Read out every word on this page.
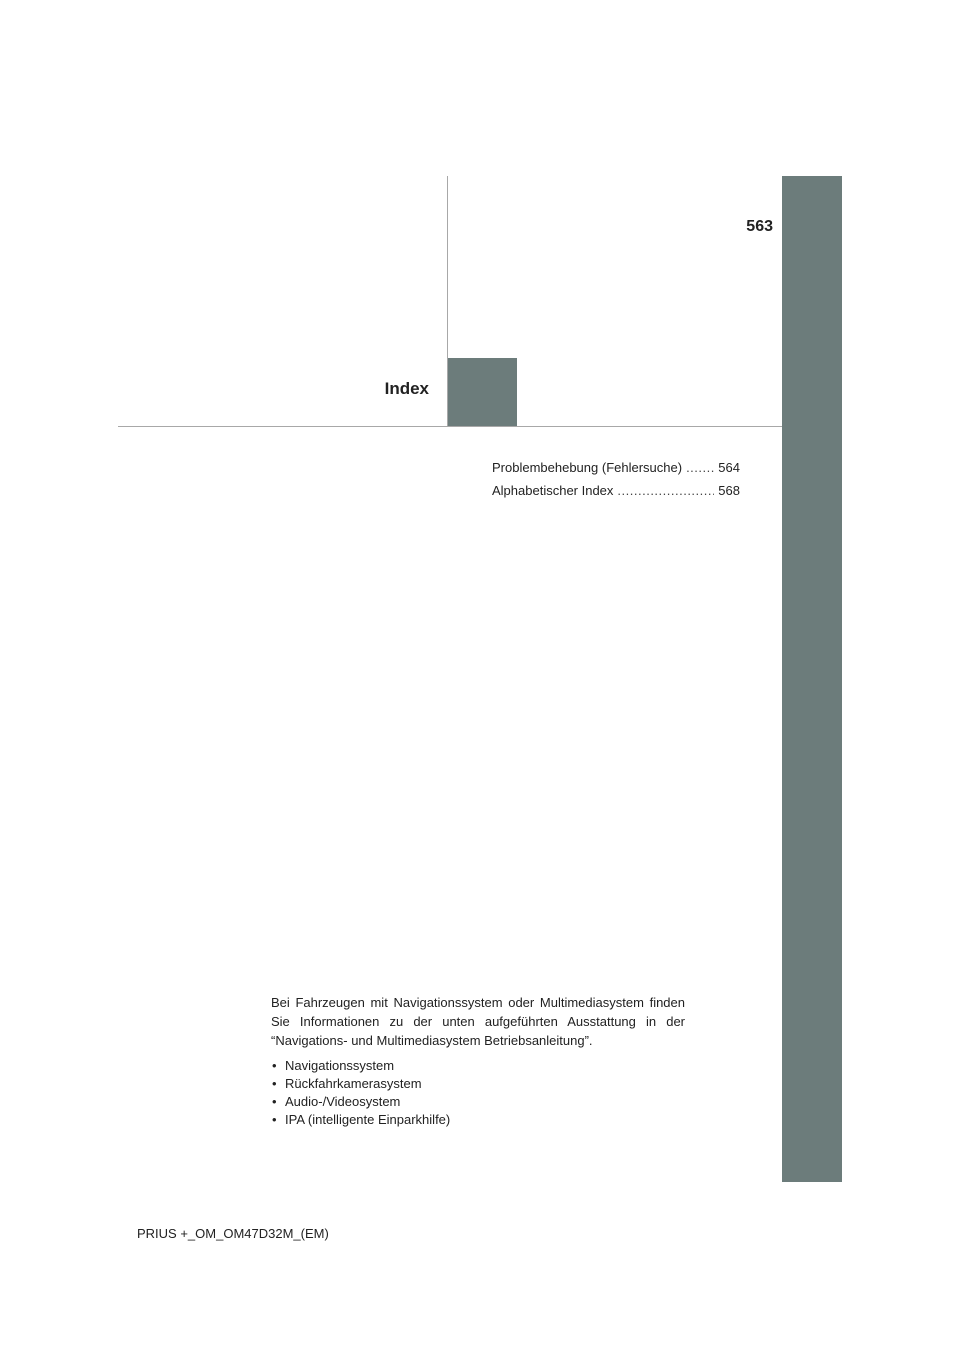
563
Index
Problembehebung (Fehlersuche) .....	564
Alphabetischer Index .....	568

Bei Fahrzeugen mit Navigationssystem oder Multimediasystem finden Sie Informationen zu der unten aufgeführten Ausstattung in der “Navigations- und Multimediasystem Betriebsanleitung”.

• Navigationssystem
• Rückfahrkamerasystem
• Audio-/Videosystem
• IPA (intelligente Einparkhilfe)
PRIUS +_OM_OM47D32M_(EM)
